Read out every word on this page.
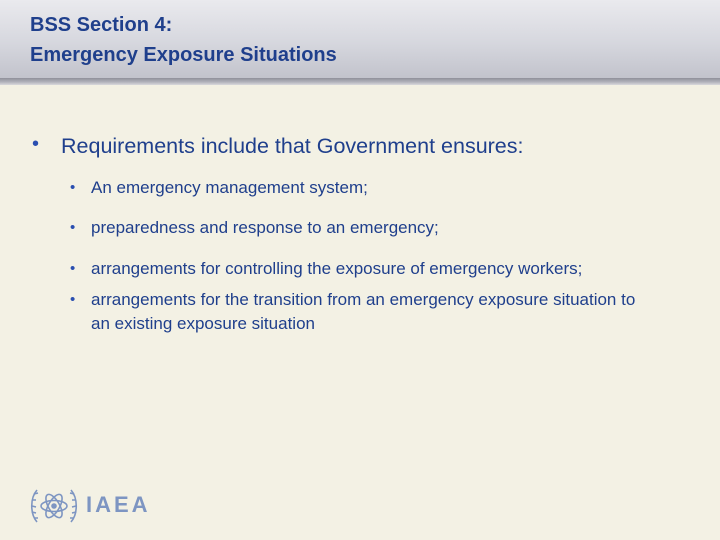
BSS Section 4:
Emergency Exposure Situations
• Requirements include that Government ensures:
• An emergency management system;
• preparedness and response to an emergency;
• arrangements for controlling the exposure of emergency workers;
• arrangements for the transition from an emergency exposure situation to an existing exposure situation
IAEA
